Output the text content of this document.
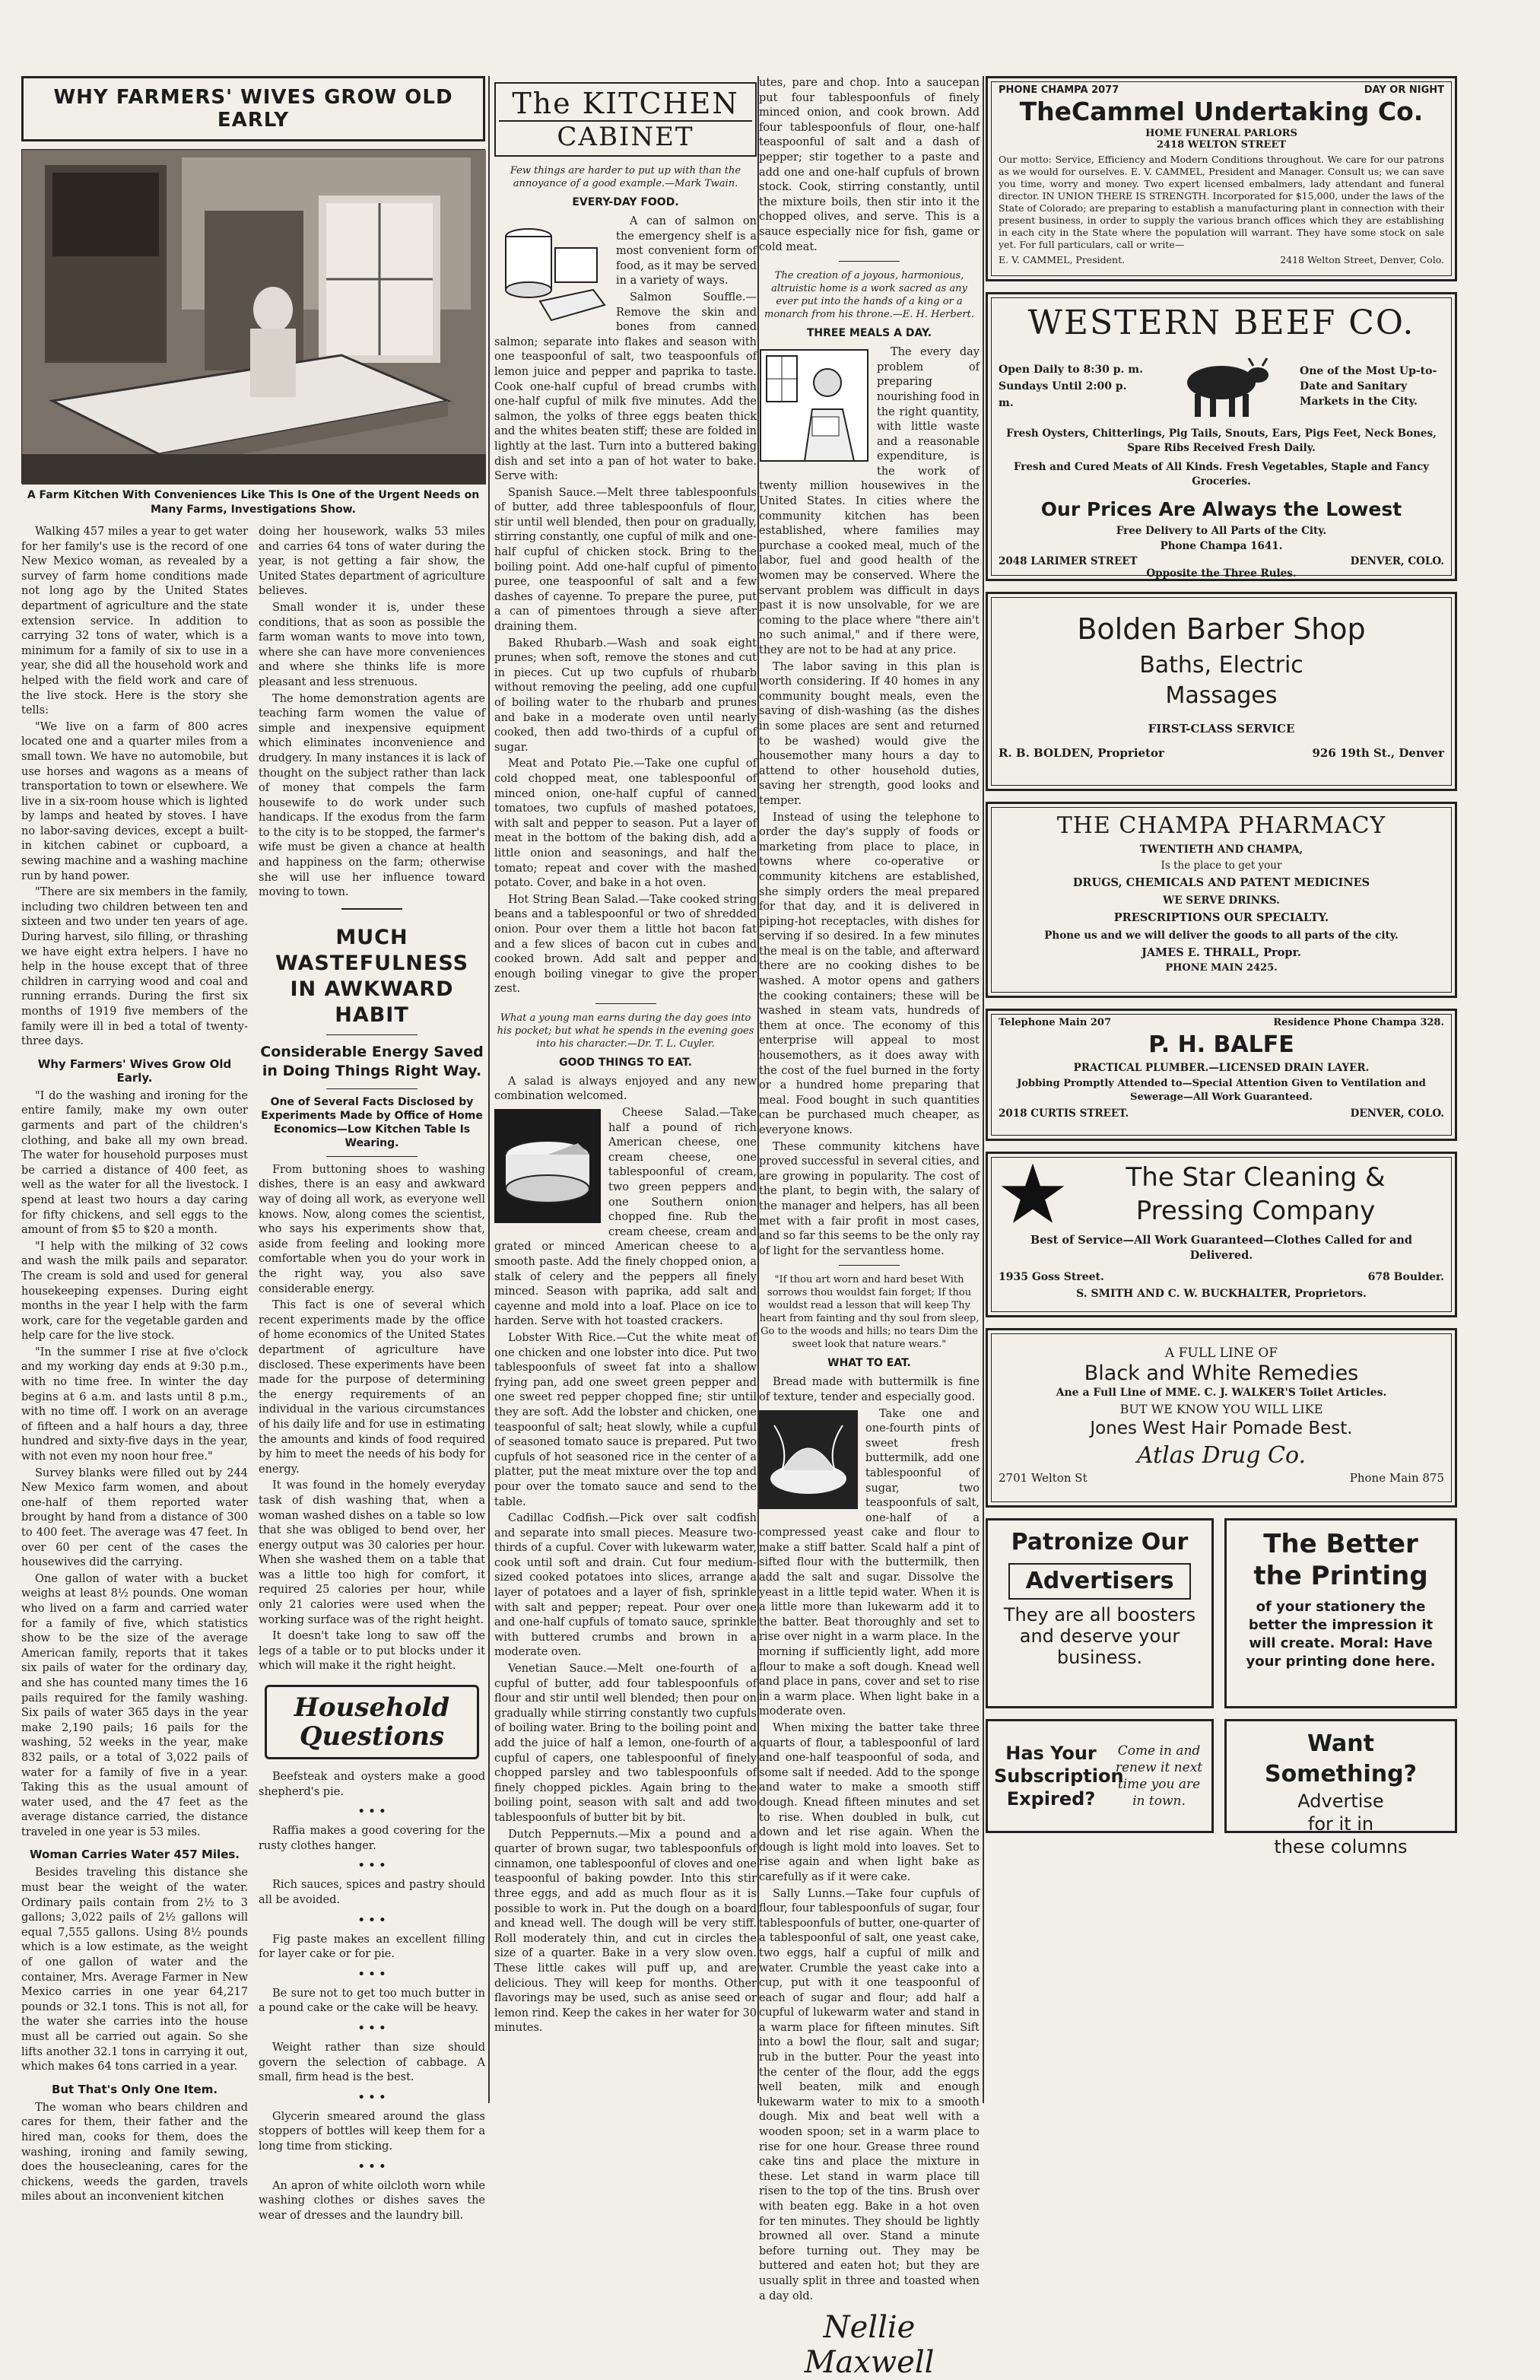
WHY FARMERS' WIVES GROW OLD EARLY
A Farm Kitchen With Conveniences Like This Is One of the Urgent Needs on Many Farms, Investigations Show.

Walking 457 miles a year to get water for her family's use is the record of one New Mexico woman, as revealed by a survey of farm home conditions made not long ago by the United States department of agriculture and the state extension service. In addition to carrying 32 tons of water, which is a minimum for a family of six to use in a year, she did all the household work and helped with the field work and care of the live stock. Here is the story she tells:

"We live on a farm of 800 acres located one and a quarter miles from a small town. We have no automobile, but use horses and wagons as a means of transportation to town or elsewhere. We live in a six-room house which is lighted by lamps and heated by stoves. I have no labor-saving devices, except a built-in kitchen cabinet or cupboard, a sewing machine and a washing machine run by hand power.

"There are six members in the family, including two children between ten and sixteen and two under ten years of age. During harvest, silo filling, or thrashing we have eight extra helpers. I have no help in the house except that of three children in carrying wood and coal and running errands. During the first six months of 1919 five members of the family were ill in bed a total of twenty-three days.

Why Farmers' Wives Grow Old Early.

"I do the washing and ironing for the entire family, make my own outer garments and part of the children's clothing, and bake all my own bread. The water for household purposes must be carried a distance of 400 feet, as well as the water for all the livestock. I spend at least two hours a day caring for fifty chickens, and sell eggs to the amount of from $5 to $20 a month.

"I help with the milking of 32 cows and wash the milk pails and separator. The cream is sold and used for general housekeeping expenses. During eight months in the year I help with the farm work, care for the vegetable garden and help care for the live stock.

"In the summer I rise at five o'clock and my working day ends at 9:30 p.m., with no time free. In winter the day begins at 6 a.m. and lasts until 8 p.m., with no time off. I work on an average of fifteen and a half hours a day, three hundred and sixty-five days in the year, with not even my noon hour free."

Survey blanks were filled out by 244 New Mexico farm women, and about one-half of them reported water brought by hand from a distance of 300 to 400 feet. The average was 47 feet. In over 60 per cent of the cases the housewives did the carrying.

One gallon of water with a bucket weighs at least 8½ pounds. One woman who lived on a farm and carried water for a family of five, which statistics show to be the size of the average American family, reports that it takes six pails of water for the ordinary day, and she has counted many times the 16 pails required for the family washing. Six pails of water 365 days in the year make 2,190 pails; 16 pails for the washing, 52 weeks in the year, make 832 pails, or a total of 3,022 pails of water for a family of five in a year. Taking this as the usual amount of water used, and the 47 feet as the average distance carried, the distance traveled in one year is 53 miles.

Woman Carries Water 457 Miles.

Besides traveling this distance she must bear the weight of the water. Ordinary pails contain from 2½ to 3 gallons; 3,022 pails of 2½ gallons will equal 7,555 gallons. Using 8½ pounds which is a low estimate, as the weight of one gallon of water and the container, Mrs. Average Farmer in New Mexico carries in one year 64,217 pounds or 32.1 tons. This is not all, for the water she carries into the house must all be carried out again. So she lifts another 32.1 tons in carrying it out, which makes 64 tons carried in a year.

But That's Only One Item.

The woman who bears children and cares for them, their father and the hired man, cooks for them, does the washing, ironing and family sewing, does the housecleaning, cares for the chickens, weeds the garden, travels miles about an inconvenient kitchen

doing her housework, walks 53 miles and carries 64 tons of water during the year, is not getting a fair show, the United States department of agriculture believes.

Small wonder it is, under these conditions, that as soon as possible the farm woman wants to move into town, where she can have more conveniences and where she thinks life is more pleasant and less strenuous.

The home demonstration agents are teaching farm women the value of simple and inexpensive equipment which eliminates inconvenience and drudgery. In many instances it is lack of thought on the subject rather than lack of money that compels the farm housewife to do work under such handicaps. If the exodus from the farm to the city is to be stopped, the farmer's wife must be given a chance at health and happiness on the farm; otherwise she will use her influence toward moving to town.

MUCH WASTEFULNESS IN AWKWARD HABIT
Considerable Energy Saved in Doing Things Right Way.
One of Several Facts Disclosed by Experiments Made by Office of Home Economics—Low Kitchen Table Is Wearing.

From buttoning shoes to washing dishes, there is an easy and awkward way of doing all work, as everyone well knows. Now, along comes the scientist, who says his experiments show that, aside from feeling and looking more comfortable when you do your work in the right way, you also save considerable energy.

This fact is one of several which recent experiments made by the office of home economics of the United States department of agriculture have disclosed. These experiments have been made for the purpose of determining the energy requirements of an individual in the various circumstances of his daily life and for use in estimating the amounts and kinds of food required by him to meet the needs of his body for energy.

It was found in the homely everyday task of dish washing that, when a woman washed dishes on a table so low that she was obliged to bend over, her energy output was 30 calories per hour. When she washed them on a table that was a little too high for comfort, it required 25 calories per hour, while only 21 calories were used when the working surface was of the right height.

It doesn't take long to saw off the legs of a table or to put blocks under it which will make it the right height.

Household Questions

Beefsteak and oysters make a good shepherd's pie.

• • •

Raffia makes a good covering for the rusty clothes hanger.

• • •

Rich sauces, spices and pastry should all be avoided.

• • •

Fig paste makes an excellent filling for layer cake or for pie.

• • •

Be sure not to get too much butter in a pound cake or the cake will be heavy.

• • •

Weight rather than size should govern the selection of cabbage. A small, firm head is the best.

• • •

Glycerin smeared around the glass stoppers of bottles will keep them for a long time from sticking.

• • •

An apron of white oilcloth worn while washing clothes or dishes saves the wear of dresses and the laundry bill.

The KITCHEN
CABINET
Few things are harder to put up with than the annoyance of a good example.—Mark Twain.
EVERY-DAY FOOD.

A can of salmon on the emergency shelf is a most convenient form of food, as it may be served in a variety of ways.

Salmon Souffle.—Remove the skin and bones from canned salmon; separate into flakes and season with one teaspoonful of salt, two teaspoonfuls of lemon juice and pepper and paprika to taste. Cook one-half cupful of bread crumbs with one-half cupful of milk five minutes. Add the salmon, the yolks of three eggs beaten thick and the whites beaten stiff; these are folded in lightly at the last. Turn into a buttered baking dish and set into a pan of hot water to bake. Serve with:

Spanish Sauce.—Melt three tablespoonfuls of butter, add three tablespoonfuls of flour, stir until well blended, then pour on gradually, stirring constantly, one cupful of milk and one-half cupful of chicken stock. Bring to the boiling point. Add one-half cupful of pimento puree, one teaspoonful of salt and a few dashes of cayenne. To prepare the puree, put a can of pimentoes through a sieve after draining them.

Baked Rhubarb.—Wash and soak eight prunes; when soft, remove the stones and cut in pieces. Cut up two cupfuls of rhubarb without removing the peeling, add one cupful of boiling water to the rhubarb and prunes and bake in a moderate oven until nearly cooked, then add two-thirds of a cupful of sugar.

Meat and Potato Pie.—Take one cupful of cold chopped meat, one tablespoonful of minced onion, one-half cupful of canned tomatoes, two cupfuls of mashed potatoes, with salt and pepper to season. Put a layer of meat in the bottom of the baking dish, add a little onion and seasonings, and half the tomato; repeat and cover with the mashed potato. Cover, and bake in a hot oven.

Hot String Bean Salad.—Take cooked string beans and a tablespoonful or two of shredded onion. Pour over them a little hot bacon fat and a few slices of bacon cut in cubes and cooked brown. Add salt and pepper and enough boiling vinegar to give the proper zest.

What a young man earns during the day goes into his pocket; but what he spends in the evening goes into his character.—Dr. T. L. Cuyler.
GOOD THINGS TO EAT.

A salad is always enjoyed and any new combination welcomed.

Cheese Salad.—Take half a pound of rich American cheese, one cream cheese, one tablespoonful of cream, two green peppers and one Southern onion chopped fine. Rub the cream cheese, cream and grated or minced American cheese to a smooth paste. Add the finely chopped onion, a stalk of celery and the peppers all finely minced. Season with paprika, add salt and cayenne and mold into a loaf. Place on ice to harden. Serve with hot toasted crackers.

Lobster With Rice.—Cut the white meat of one chicken and one lobster into dice. Put two tablespoonfuls of sweet fat into a shallow frying pan, add one sweet green pepper and one sweet red pepper chopped fine; stir until they are soft. Add the lobster and chicken, one teaspoonful of salt; heat slowly, while a cupful of seasoned tomato sauce is prepared. Put two cupfuls of hot seasoned rice in the center of a platter, put the meat mixture over the top and pour over the tomato sauce and send to the table.

Cadillac Codfish.—Pick over salt codfish and separate into small pieces. Measure two-thirds of a cupful. Cover with lukewarm water, cook until soft and drain. Cut four medium-sized cooked potatoes into slices, arrange a layer of potatoes and a layer of fish, sprinkle with salt and pepper; repeat. Pour over one and one-half cupfuls of tomato sauce, sprinkle with buttered crumbs and brown in a moderate oven.

Venetian Sauce.—Melt one-fourth of a cupful of butter, add four tablespoonfuls of flour and stir until well blended; then pour on gradually while stirring constantly two cupfuls of boiling water. Bring to the boiling point and add the juice of half a lemon, one-fourth of a cupful of capers, one tablespoonful of finely chopped parsley and two tablespoonfuls of finely chopped pickles. Again bring to the boiling point, season with salt and add two tablespoonfuls of butter bit by bit.

Dutch Peppernuts.—Mix a pound and a quarter of brown sugar, two tablespoonfuls of cinnamon, one tablespoonful of cloves and one teaspoonful of baking powder. Into this stir three eggs, and add as much flour as it is possible to work in. Put the dough on a board and knead well. The dough will be very stiff. Roll moderately thin, and cut in circles the size of a quarter. Bake in a very slow oven. These little cakes will puff up, and are delicious. They will keep for months. Other flavorings may be used, such as anise seed or lemon rind. Keep the cakes in her water for 30 minutes.

utes, pare and chop. Into a saucepan put four tablespoonfuls of finely minced onion, and cook brown. Add four tablespoonfuls of flour, one-half teaspoonful of salt and a dash of pepper; stir together to a paste and add one and one-half cupfuls of brown stock. Cook, stirring constantly, until the mixture boils, then stir into it the chopped olives, and serve. This is a sauce especially nice for fish, game or cold meat.

The creation of a joyous, harmonious, altruistic home is a work sacred as any ever put into the hands of a king or a monarch from his throne.—E. H. Herbert.
THREE MEALS A DAY.

The every day problem of preparing nourishing food in the right quantity, with little waste and a reasonable expenditure, is the work of twenty million housewives in the United States. In cities where the community kitchen has been established, where families may purchase a cooked meal, much of the labor, fuel and good health of the women may be conserved. Where the servant problem was difficult in days past it is now unsolvable, for we are coming to the place where "there ain't no such animal," and if there were, they are not to be had at any price.

The labor saving in this plan is worth considering. If 40 homes in any community bought meals, even the saving of dish-washing (as the dishes in some places are sent and returned to be washed) would give the housemother many hours a day to attend to other household duties, saving her strength, good looks and temper.

Instead of using the telephone to order the day's supply of foods or marketing from place to place, in towns where co-operative or community kitchens are established, she simply orders the meal prepared for that day, and it is delivered in piping-hot receptacles, with dishes for serving if so desired. In a few minutes the meal is on the table, and afterward there are no cooking dishes to be washed. A motor opens and gathers the cooking containers; these will be washed in steam vats, hundreds of them at once. The economy of this enterprise will appeal to most housemothers, as it does away with the cost of the fuel burned in the forty or a hundred home preparing that meal. Food bought in such quantities can be purchased much cheaper, as everyone knows.

These community kitchens have proved successful in several cities, and are growing in popularity. The cost of the plant, to begin with, the salary of the manager and helpers, has all been met with a fair profit in most cases, and so far this seems to be the only ray of light for the servantless home.

"If thou art worn and hard beset With sorrows thou wouldst fain forget; If thou wouldst read a lesson that will keep Thy heart from fainting and thy soul from sleep, Go to the woods and hills; no tears Dim the sweet look that nature wears."
WHAT TO EAT.

Bread made with buttermilk is fine of texture, tender and especially good.

Take one and one-fourth pints of sweet fresh buttermilk, add one tablespoonful of sugar, two teaspoonfuls of salt, one-half of a compressed yeast cake and flour to make a stiff batter. Scald half a pint of sifted flour with the buttermilk, then add the salt and sugar. Dissolve the yeast in a little tepid water. When it is a little more than lukewarm add it to the batter. Beat thoroughly and set to rise over night in a warm place. In the morning if sufficiently light, add more flour to make a soft dough. Knead well and place in pans, cover and set to rise in a warm place. When light bake in a moderate oven.

When mixing the batter take three quarts of flour, a tablespoonful of lard and one-half teaspoonful of soda, and some salt if needed. Add to the sponge and water to make a smooth stiff dough. Knead fifteen minutes and set to rise. When doubled in bulk, cut down and let rise again. When the dough is light mold into loaves. Set to rise again and when light bake as carefully as if it were cake.

Sally Lunns.—Take four cupfuls of flour, four tablespoonfuls of sugar, four tablespoonfuls of butter, one-quarter of a tablespoonful of salt, one yeast cake, two eggs, half a cupful of milk and water. Crumble the yeast cake into a cup, put with it one teaspoonful of each of sugar and flour; add half a cupful of lukewarm water and stand in a warm place for fifteen minutes. Sift into a bowl the flour, salt and sugar; rub in the butter. Pour the yeast into the center of the flour, add the eggs well beaten, milk and enough lukewarm water to mix to a smooth dough. Mix and beat well with a wooden spoon; set in a warm place to rise for one hour. Grease three round cake tins and place the mixture in these. Let stand in warm place till risen to the top of the tins. Brush over with beaten egg. Bake in a hot oven for ten minutes. They should be lightly browned all over. Stand a minute before turning out. They may be buttered and eaten hot; but they are usually split in three and toasted when a day old.

Nellie Maxwell
PHONE CHAMPA 2077	DAY OR NIGHT
TheCammel Undertaking Co.
HOME FUNERAL PARLORS
2418 WELTON STREET
Our motto: Service, Efficiency and Modern Conditions throughout. We care for our patrons as we would for ourselves. E. V. CAMMEL, President and Manager. Consult us; we can save you time, worry and money. Two expert licensed embalmers, lady attendant and funeral director. IN UNION THERE IS STRENGTH. Incorporated for $15,000, under the laws of the State of Colorado; are preparing to establish a manufacturing plant in connection with their present business, in order to supply the various branch offices which they are establishing in each city in the State where the population will warrant. They have some stock on sale yet. For full particulars, call or write—
E. V. CAMMEL, President.	2418 Welton Street, Denver, Colo.
WESTERN BEEF CO.
Open Daily to 8:30 p. m.
Sundays Until 2:00 p. m.
One of the Most Up-to-Date and Sanitary Markets in the City.
Fresh Oysters, Chitterlings, Pig Tails, Snouts, Ears, Pigs Feet, Neck Bones, Spare Ribs Received Fresh Daily.
Fresh and Cured Meats of All Kinds. Fresh Vegetables, Staple and Fancy Groceries.
Our Prices Are Always the Lowest
Free Delivery to All Parts of the City.
Phone Champa 1641.
2048 LARIMER STREET	DENVER, COLO.
Opposite the Three Rules.
Bolden Barber Shop
Baths, Electric
Massages
FIRST-CLASS SERVICE
R. B. BOLDEN, Proprietor	926 19th St., Denver
THE CHAMPA PHARMACY
TWENTIETH AND CHAMPA,
Is the place to get your
DRUGS, CHEMICALS AND PATENT MEDICINES
WE SERVE DRINKS.
PRESCRIPTIONS OUR SPECIALTY.
Phone us and we will deliver the goods to all parts of the city.
JAMES E. THRALL, Propr.
PHONE MAIN 2425.
Telephone Main 207	Residence Phone Champa 328.
P. H. BALFE
PRACTICAL PLUMBER.—LICENSED DRAIN LAYER.
Jobbing Promptly Attended to—Special Attention Given to Ventilation and Sewerage—All Work Guaranteed.
2018 CURTIS STREET.	DENVER, COLO.
The Star Cleaning &
Pressing Company
Best of Service—All Work Guaranteed—Clothes Called for and Delivered.
1935 Goss Street.	678 Boulder.
S. SMITH AND C. W. BUCKHALTER, Proprietors.
A FULL LINE OF
Black and White Remedies
Ane a Full Line of MME. C. J. WALKER'S Toilet Articles.
BUT WE KNOW YOU WILL LIKE
Jones West Hair Pomade Best.
Atlas Drug Co.
2701 Welton St	Phone Main 875
Patronize Our
Advertisers
They are all boosters and deserve your business.
Has Your Subscription Expired?
Come in and renew it next time you are in town.
The Better
the Printing
of your stationery the better the impression it will create. Moral: Have your printing done here.
Want Something?
Advertise
for it in
these columns
